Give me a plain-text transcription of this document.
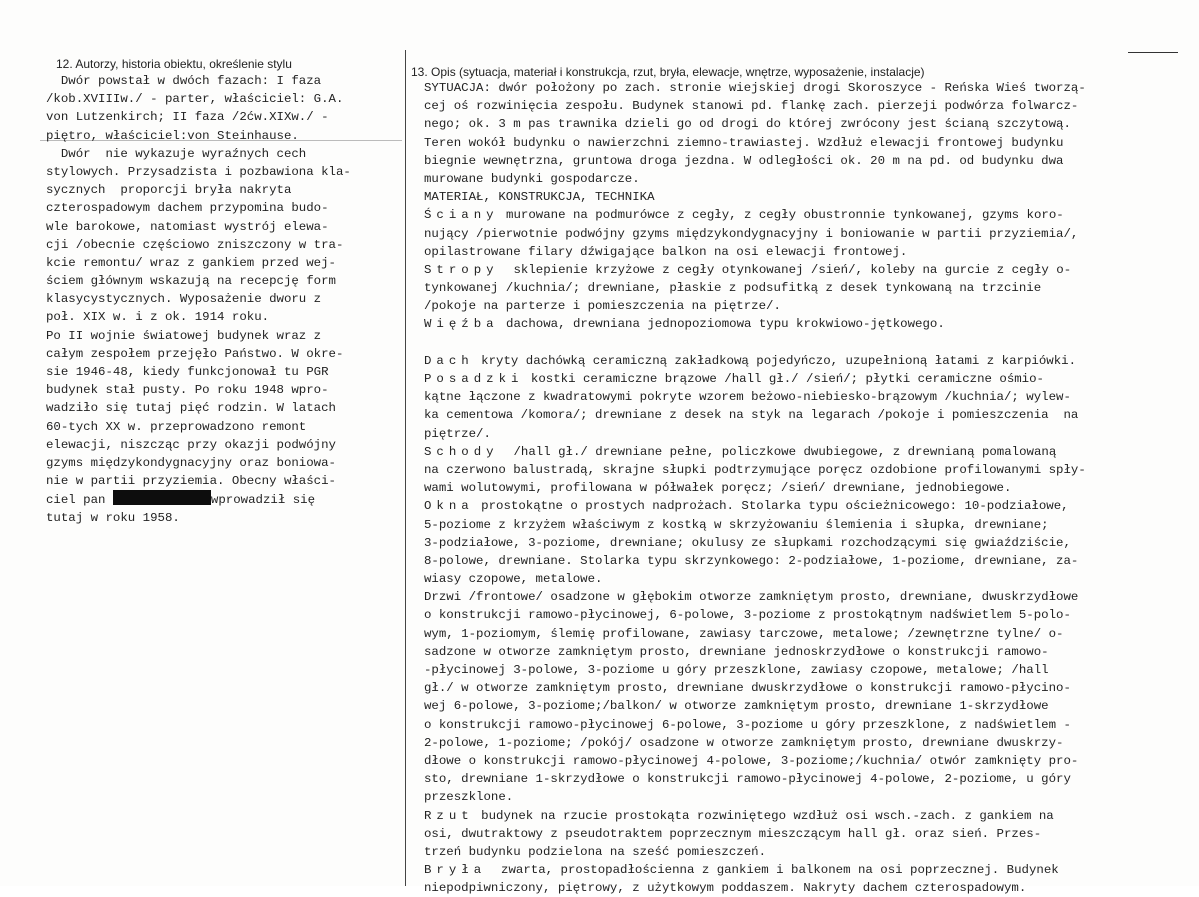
12. Autorzy, historia obiektu, określenie stylu
13. Opis (sytuacja, materiał i konstrukcja, rzut, bryła, elewacje, wnętrze, wyposażenie, instalacje)
Dwór powstał w dwóch fazach: I faza
/kob.XVIIIw./ - parter, właściciel: G.A.
von Lutzenkirch; II faza /2ćw.XIXw./ -
piętro, właściciel:von Steinhause.
Dwór  nie wykazuje wyraźnych cech
stylowych. Przysadzista i pozbawiona kla-
sycznych  proporcji bryła nakryta
czterospadowym dachem przypomina budo-
wle barokowe, natomiast wystrój elewa-
cji /obecnie częściowo zniszczony w tra-
kcie remontu/ wraz z gankiem przed wej-
ściem głównym wskazują na recepcję form
klasycystycznych. Wyposażenie dworu z
poł. XIX w. i z ok. 1914 roku.
Po II wojnie światowej budynek wraz z
całym zespołem przejęło Państwo. W okre-
sie 1946-48, kiedy funkcjonował tu PGR
budynek stał pusty. Po roku 1948 wpro-
wadziło się tutaj pięć rodzin. W latach
60-tych XX w. przeprowadzono remont
elewacji, niszcząc przy okazji podwójny
gzyms międzykondygnacyjny oraz boniowa-
nie w partii przyziemia. Obecny właści-
ciel pan	wprowadził się
tutaj w roku 1958.
SYTUACJA: dwór położony po zach. stronie wiejskiej drogi Skoroszyce - Reńska Wieś tworzą-
cej oś rozwinięcia zespołu. Budynek stanowi pd. flankę zach. pierzeji podwórza folwarcz-
nego; ok. 3 m pas trawnika dzieli go od drogi do której zwrócony jest ścianą szczytową.
Teren wokół budynku o nawierzchni ziemno-trawiastej. Wzdłuż elewacji frontowej budynku
biegnie wewnętrzna, gruntowa droga jezdna. W odległości ok. 20 m na pd. od budynku dwa
murowane budynki gospodarcze.
MATERIAŁ, KONSTRUKCJA, TECHNIKA
Ściany murowane na podmurówce z cegły, z cegły obustronnie tynkowanej, gzyms koro-
nujący /pierwotnie podwójny gzyms międzykondygnacyjny i boniowanie w partii przyziemia/,
opilastrowane filary dźwigające balkon na osi elewacji frontowej.
Stropy  sklepienie krzyżowe z cegły otynkowanej /sień/, koleby na gurcie z cegły o-
tynkowanej /kuchnia/; drewniane, płaskie z podsufitką z desek tynkowaną na trzcinie
/pokoje na parterze i pomieszczenia na piętrze/.
Więźba dachowa, drewniana jednopoziomowa typu krokwiowo-jętkowego.
Dach kryty dachówką ceramiczną zakładkową pojedyńczo, uzupełnioną łatami z karpiówki.
Posadzki kostki ceramiczne brązowe /hall gł./ /sień/; płytki ceramiczne ośmio-
kątne łączone z kwadratowymi pokryte wzorem beżowo-niebiesko-brązowym /kuchnia/; wylew-
ka cementowa /komora/; drewniane z desek na styk na legarach /pokoje i pomieszczenia  na
piętrze/.
Schody  /hall gł./ drewniane pełne, policzkowe dwubiegowe, z drewnianą pomalowaną
na czerwono balustradą, skrajne słupki podtrzymujące poręcz ozdobione profilowanymi spły-
wami wolutowymi, profilowana w półwałek poręcz; /sień/ drewniane, jednobiegowe.
Okna prostokątne o prostych nadprożach. Stolarka typu ościeżnicowego: 10-podziałowe,
5-poziome z krzyżem właściwym z kostką w skrzyżowaniu ślemienia i słupka, drewniane;
3-podziałowe, 3-poziome, drewniane; okulusy ze słupkami rozchodzącymi się gwiaździście,
8-polowe, drewniane. Stolarka typu skrzynkowego: 2-podziałowe, 1-poziome, drewniane, za-
wiasy czopowe, metalowe.
Drzwi /frontowe/ osadzone w głębokim otworze zamkniętym prosto, drewniane, dwuskrzydłowe
o konstrukcji ramowo-płycinowej, 6-polowe, 3-poziome z prostokątnym nadświetlem 5-polo-
wym, 1-poziomym, ślemię profilowane, zawiasy tarczowe, metalowe; /zewnętrzne tylne/ o-
sadzone w otworze zamkniętym prosto, drewniane jednoskrzydłowe o konstrukcji ramowo-
-płycinowej 3-polowe, 3-poziome u góry przeszklone, zawiasy czopowe, metalowe; /hall
gł./ w otworze zamkniętym prosto, drewniane dwuskrzydłowe o konstrukcji ramowo-płycino-
wej 6-polowe, 3-poziome;/balkon/ w otworze zamkniętym prosto, drewniane 1-skrzydłowe
o konstrukcji ramowo-płycinowej 6-polowe, 3-poziome u góry przeszklone, z nadświetlem -
2-polowe, 1-poziome; /pokój/ osadzone w otworze zamkniętym prosto, drewniane dwuskrzy-
dłowe o konstrukcji ramowo-płycinowej 4-polowe, 3-poziome;/kuchnia/ otwór zamknięty pro-
sto, drewniane 1-skrzydłowe o konstrukcji ramowo-płycinowej 4-polowe, 2-poziome, u góry
przeszklone.
Rzut budynek na rzucie prostokąta rozwiniętego wzdłuż osi wsch.-zach. z gankiem na
osi, dwutraktowy z pseudotraktem poprzecznym mieszczącym hall gł. oraz sień. Przes-
trzeń budynku podzielona na sześć pomieszczeń.
Bryła  zwarta, prostopadłościenna z gankiem i balkonem na osi poprzecznej. Budynek
niepodpiwniczony, piętrowy, z użytkowym poddaszem. Nakryty dachem czterospadowym.
